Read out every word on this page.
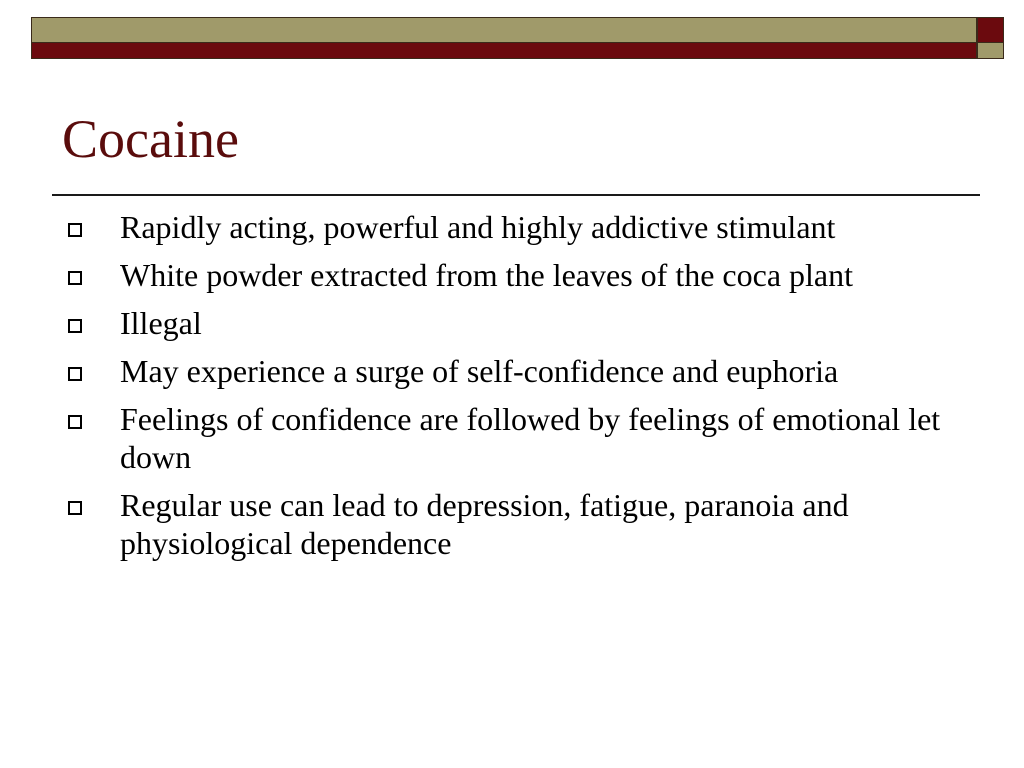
Cocaine
Rapidly acting, powerful and highly addictive stimulant
White powder extracted from the leaves of the coca plant
Illegal
May experience a surge of self-confidence and euphoria
Feelings of confidence are followed by feelings of emotional let down
Regular use can lead to depression, fatigue, paranoia and physiological dependence
